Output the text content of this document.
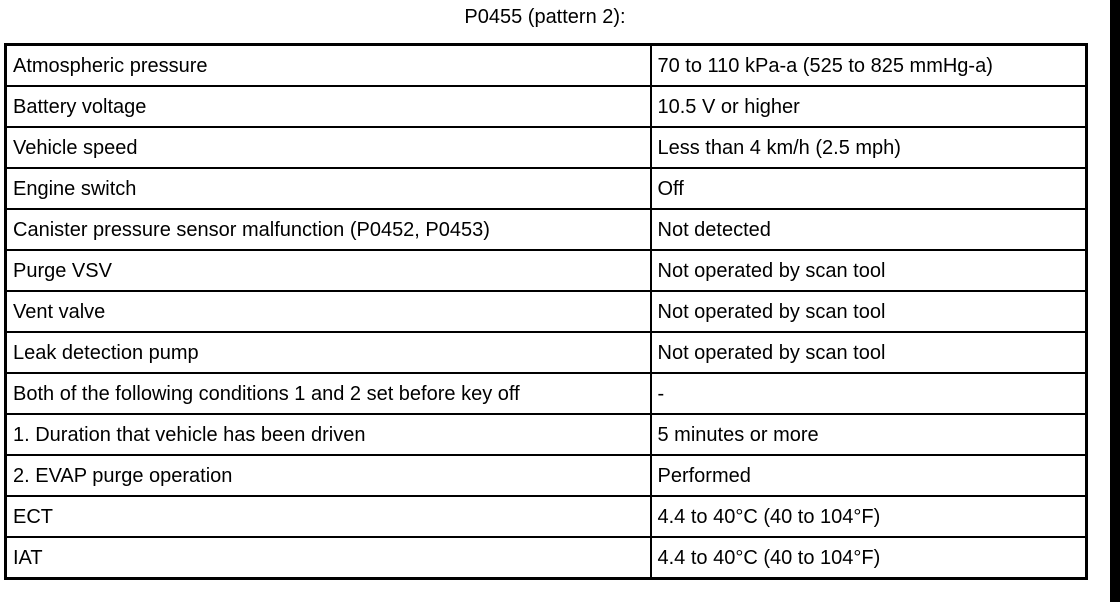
P0455 (pattern 2):
Atmospheric pressure	70 to 110 kPa-a (525 to 825 mmHg-a)
Battery voltage	10.5 V or higher
Vehicle speed	Less than 4 km/h (2.5 mph)
Engine switch	Off
Canister pressure sensor malfunction (P0452, P0453)	Not detected
Purge VSV	Not operated by scan tool
Vent valve	Not operated by scan tool
Leak detection pump	Not operated by scan tool
Both of the following conditions 1 and 2 set before key off	-
1. Duration that vehicle has been driven	5 minutes or more
2. EVAP purge operation	Performed
ECT	4.4 to 40°C (40 to 104°F)
IAT	4.4 to 40°C (40 to 104°F)
